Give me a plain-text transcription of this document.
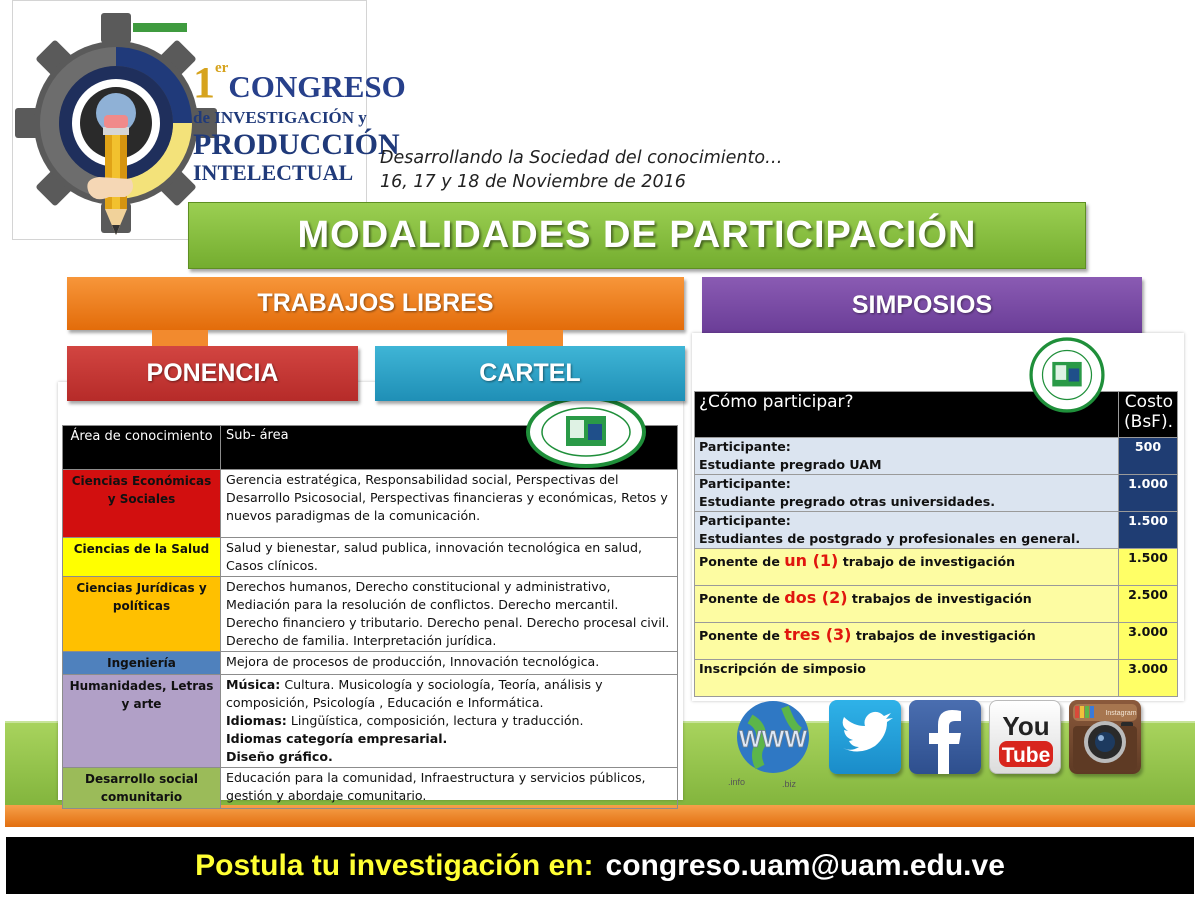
1erCONGRESO
de INVESTIGACIÓN y
PRODUCCIÓN
INTELECTUAL
Desarrollando la Sociedad del conocimiento…
16, 17 y 18 de Noviembre de 2016
MODALIDADES DE PARTICIPACIÓN
TRABAJOS LIBRES	SIMPOSIOS
Área de conocimiento	Sub- área
Ciencias Económicas y Sociales	Gerencia estratégica, Responsabilidad social, Perspectivas del Desarrollo Psicosocial, Perspectivas financieras y económicas, Retos y nuevos paradigmas de la comunicación.
Ciencias de la Salud	Salud y bienestar, salud publica, innovación tecnológica en salud, Casos clínicos.
Ciencias Jurídicas y políticas	Derechos humanos, Derecho constitucional y administrativo, Mediación para la resolución de conflictos. Derecho mercantil. Derecho financiero y tributario. Derecho penal. Derecho procesal civil. Derecho de familia. Interpretación jurídica.
Ingeniería	Mejora de procesos de producción, Innovación tecnológica.
Humanidades, Letras y arte	Música: Cultura. Musicología y sociología, Teoría, análisis y composición, Psicología , Educación e Informática.
Idiomas: Lingüística, composición, lectura y traducción.
Idiomas categoría empresarial.
Diseño gráfico.
Desarrollo social comunitario	Educación para la comunidad, Infraestructura y servicios públicos, gestión y abordaje comunitario.
PONENCIA	CARTEL
¿Cómo participar?	Costo (BsF).
Participante:
Estudiante pregrado UAM	500
Participante:
Estudiante pregrado otras universidades.	1.000
Participante:
Estudiantes de postgrado y profesionales en general.	1.500
Ponente de un (1) trabajo de investigación	1.500
Ponente de dos (2) trabajos de investigación	2.500
Ponente de tres (3) trabajos de investigación	3.000
Inscripción de simposio	3.000
WWW
.info	.biz
You
Tube
Instagram
Postula tu investigación en: congreso.uam@uam.edu.ve
